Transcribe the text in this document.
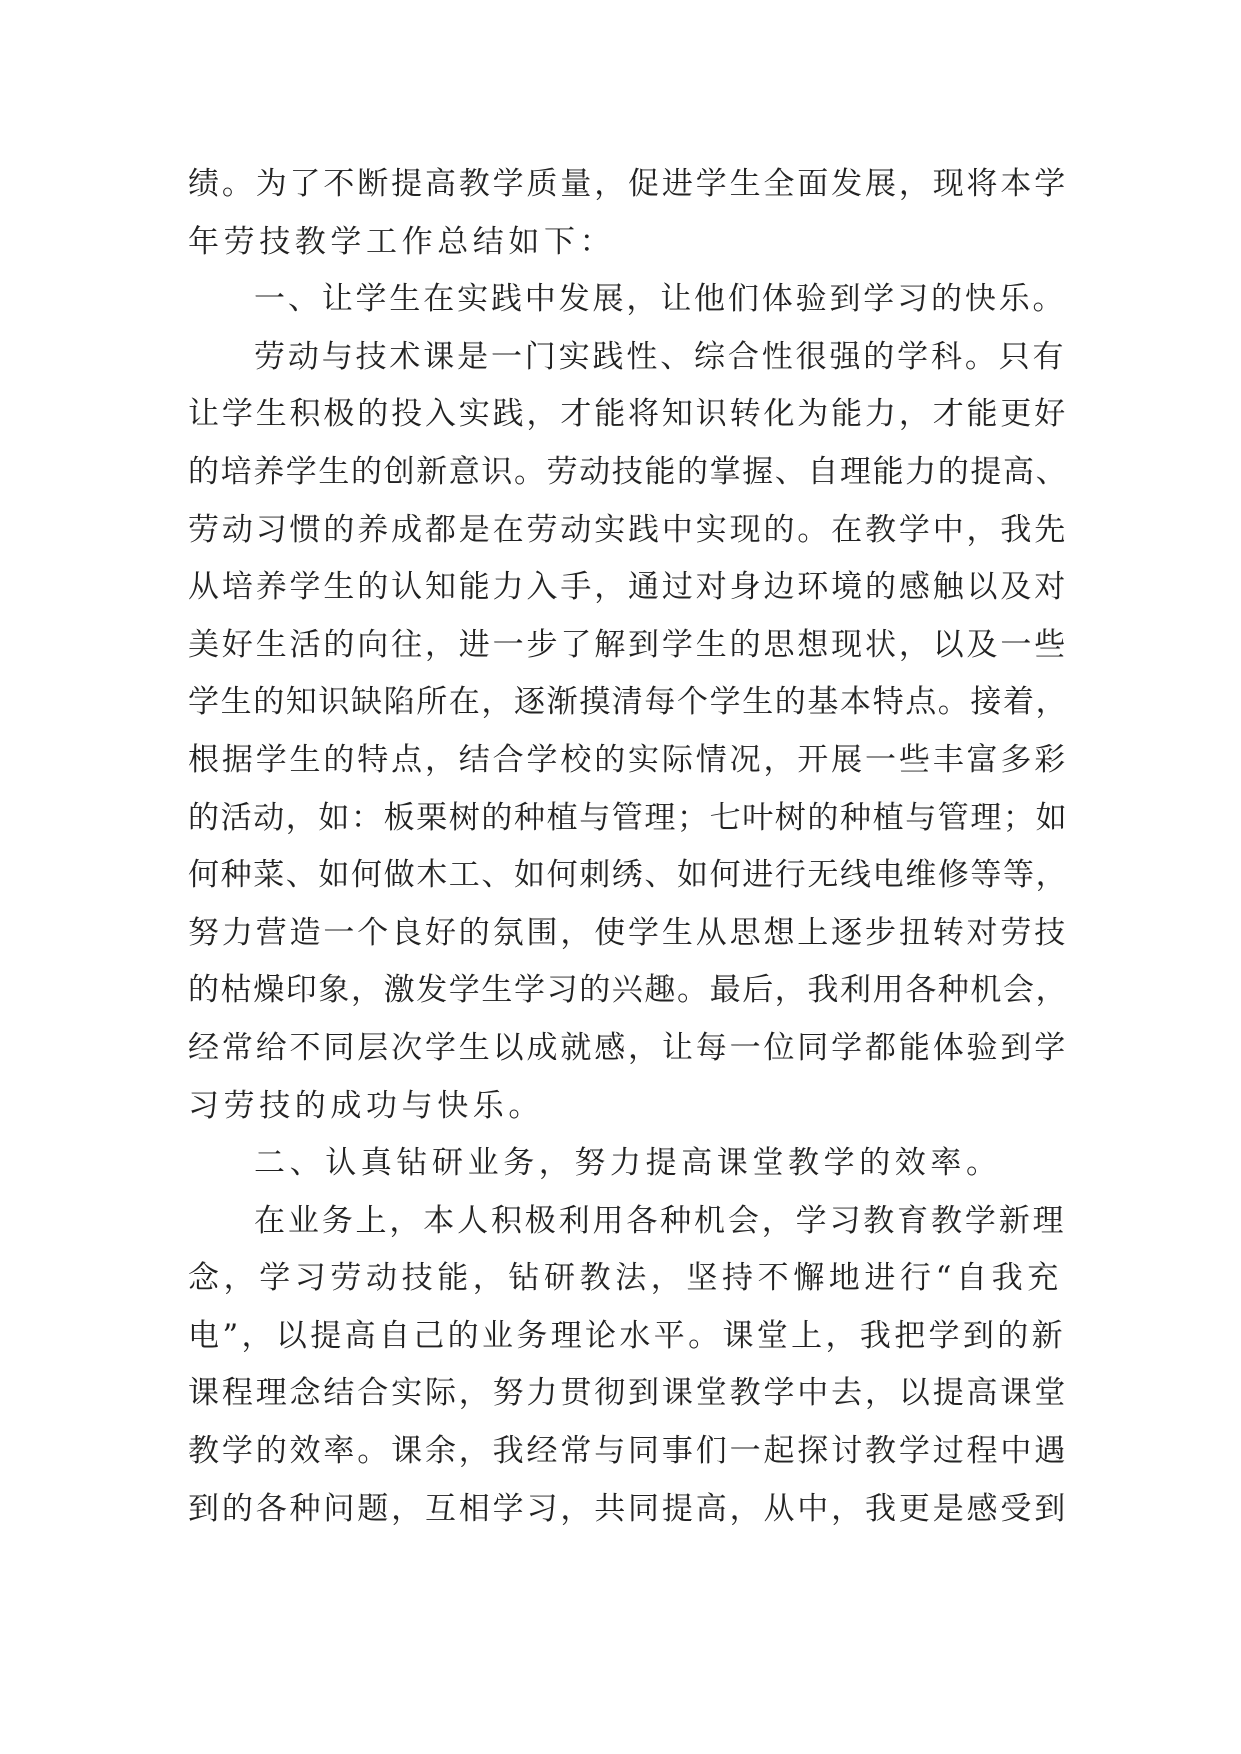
绩。为了不断提高教学质量，促进学生全面发展，现将本学
年劳技教学工作总结如下：
一、让学生在实践中发展，让他们体验到学习的快乐。
劳动与技术课是一门实践性、综合性很强的学科。只有
让学生积极的投入实践，才能将知识转化为能力，才能更好
的培养学生的创新意识。劳动技能的掌握、自理能力的提高、
劳动习惯的养成都是在劳动实践中实现的。在教学中，我先
从培养学生的认知能力入手，通过对身边环境的感触以及对
美好生活的向往，进一步了解到学生的思想现状，以及一些
学生的知识缺陷所在，逐渐摸清每个学生的基本特点。接着，
根据学生的特点，结合学校的实际情况，开展一些丰富多彩
的活动，如：板栗树的种植与管理；七叶树的种植与管理；如
何种菜、如何做木工、如何刺绣、如何进行无线电维修等等，
努力营造一个良好的氛围，使学生从思想上逐步扭转对劳技
的枯燥印象，激发学生学习的兴趣。最后，我利用各种机会，
经常给不同层次学生以成就感，让每一位同学都能体验到学
习劳技的成功与快乐。
二、认真钻研业务，努力提高课堂教学的效率。
在业务上，本人积极利用各种机会，学习教育教学新理
念，学习劳动技能，钻研教法，坚持不懈地进行“自我充
电”，以提高自己的业务理论水平。课堂上，我把学到的新
课程理念结合实际，努力贯彻到课堂教学中去，以提高课堂
教学的效率。课余，我经常与同事们一起探讨教学过程中遇
到的各种问题，互相学习，共同提高，从中，我更是感受到
